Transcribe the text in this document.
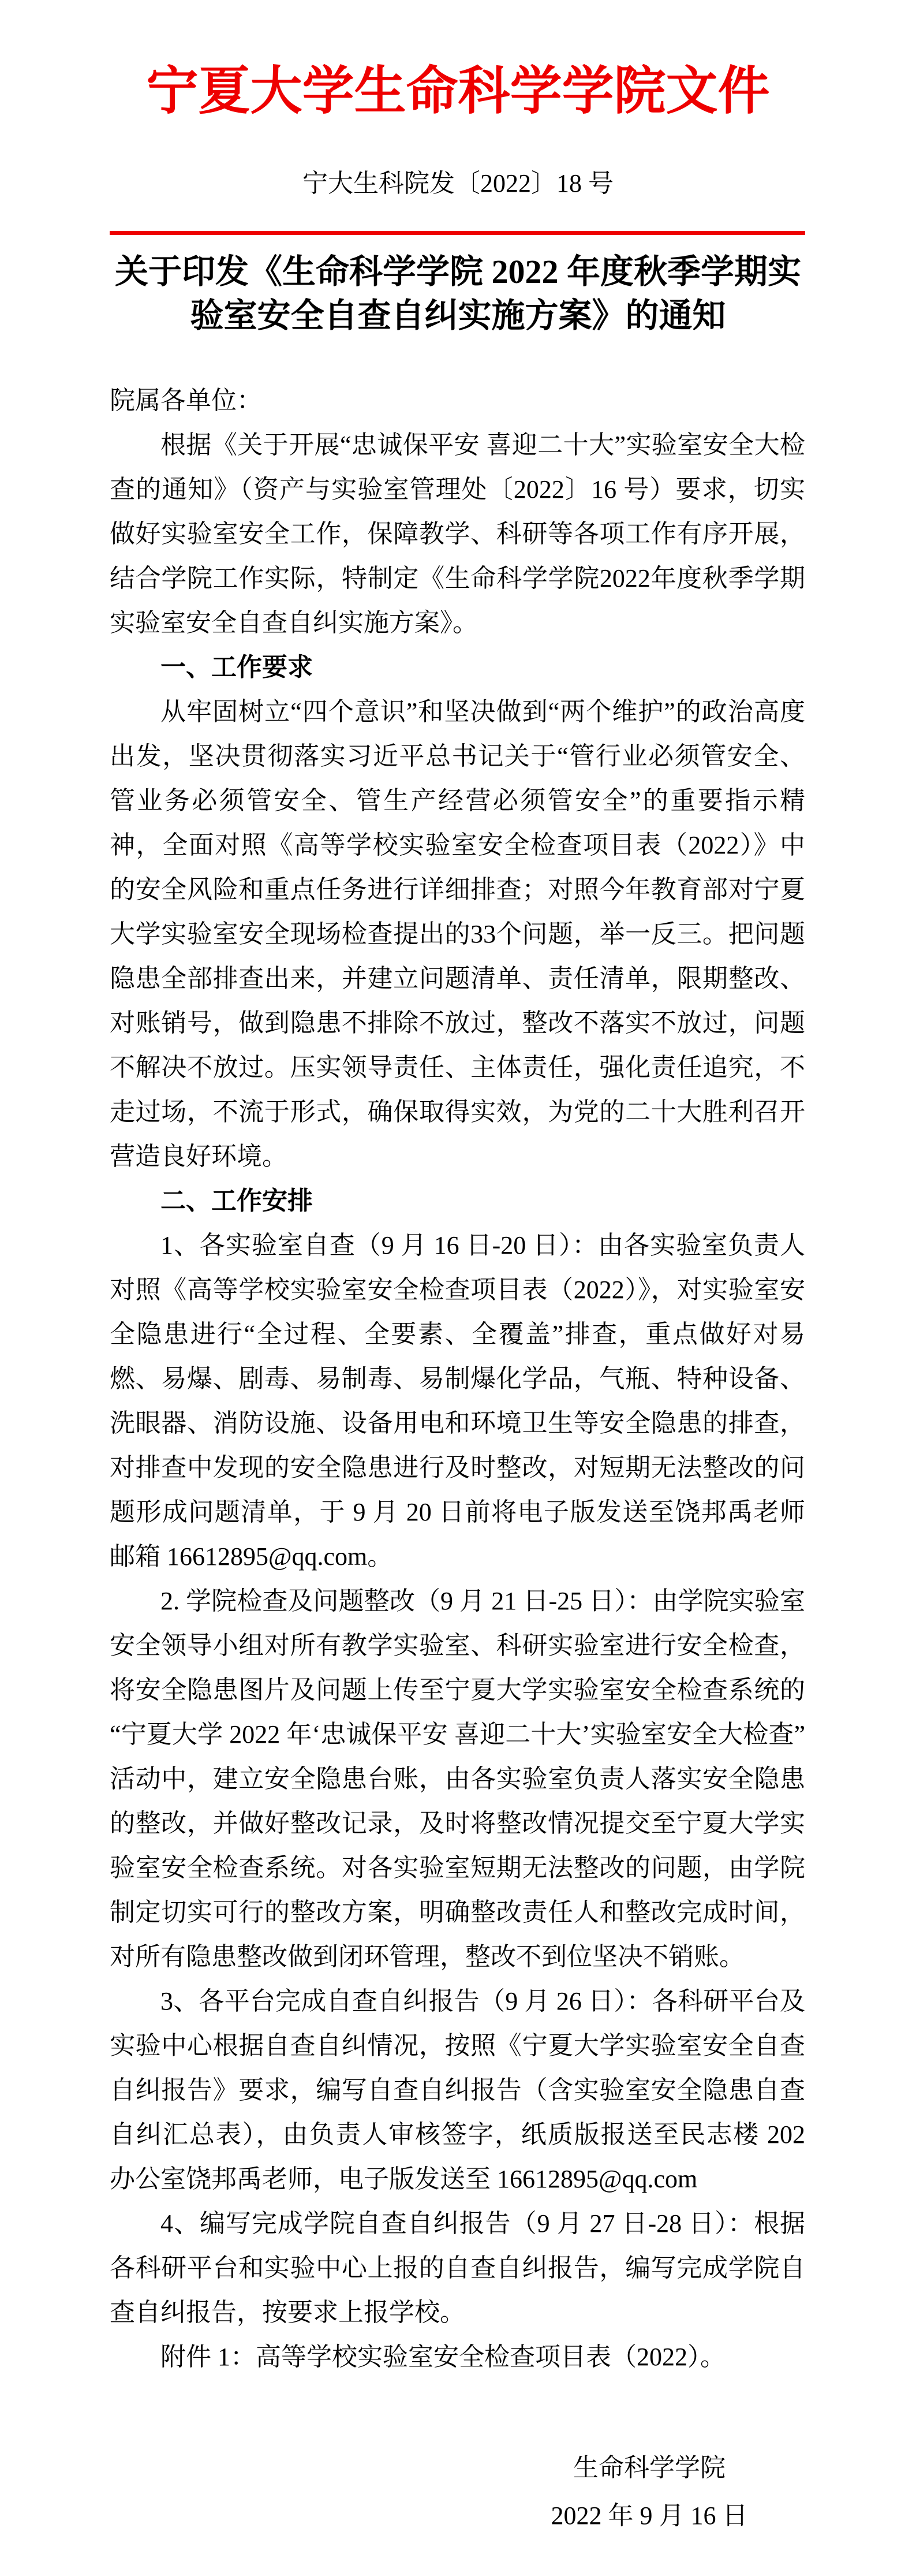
宁夏大学生命科学学院文件
宁大生科院发〔2022〕18 号
关于印发《生命科学学院 2022 年度秋季学期实
验室安全自查自纠实施方案》的通知

院属各单位：

根据《关于开展“忠诚保平安 喜迎二十大”实验室安全大检查的通知》（资产与实验室管理处〔2022〕16 号）要求，切实做好实验室安全工作，保障教学、科研等各项工作有序开展，结合学院工作实际，特制定《生命科学学院2022年度秋季学期实验室安全自查自纠实施方案》。

一、工作要求

从牢固树立“四个意识”和坚决做到“两个维护”的政治高度出发，坚决贯彻落实习近平总书记关于“管行业必须管安全、管业务必须管安全、管生产经营必须管安全”的重要指示精神，全面对照《高等学校实验室安全检查项目表（2022）》中的安全风险和重点任务进行详细排查；对照今年教育部对宁夏大学实验室安全现场检查提出的33个问题，举一反三。把问题隐患全部排查出来，并建立问题清单、责任清单，限期整改、对账销号，做到隐患不排除不放过，整改不落实不放过，问题不解决不放过。压实领导责任、主体责任，强化责任追究，不走过场，不流于形式，确保取得实效，为党的二十大胜利召开营造良好环境。

二、工作安排

1、各实验室自查（9 月 16 日-20 日）：由各实验室负责人对照《高等学校实验室安全检查项目表（2022）》，对实验室安全隐患进行“全过程、全要素、全覆盖”排查，重点做好对易燃、易爆、剧毒、易制毒、易制爆化学品，气瓶、特种设备、洗眼器、消防设施、设备用电和环境卫生等安全隐患的排查，对排查中发现的安全隐患进行及时整改，对短期无法整改的问题形成问题清单，于 9 月 20 日前将电子版发送至饶邦禹老师邮箱 16612895@qq.com。

2. 学院检查及问题整改（9 月 21 日-25 日）：由学院实验室安全领导小组对所有教学实验室、科研实验室进行安全检查，将安全隐患图片及问题上传至宁夏大学实验室安全检查系统的“宁夏大学 2022 年‘忠诚保平安 喜迎二十大’实验室安全大检查”活动中，建立安全隐患台账，由各实验室负责人落实安全隐患的整改，并做好整改记录，及时将整改情况提交至宁夏大学实验室安全检查系统。对各实验室短期无法整改的问题，由学院制定切实可行的整改方案，明确整改责任人和整改完成时间，对所有隐患整改做到闭环管理，整改不到位坚决不销账。

3、各平台完成自查自纠报告（9 月 26 日）：各科研平台及实验中心根据自查自纠情况，按照《宁夏大学实验室安全自查自纠报告》要求，编写自查自纠报告（含实验室安全隐患自查自纠汇总表），由负责人审核签字，纸质版报送至民志楼 202 办公室饶邦禹老师，电子版发送至 16612895@qq.com

4、编写完成学院自查自纠报告（9 月 27 日-28 日）：根据各科研平台和实验中心上报的自查自纠报告，编写完成学院自查自纠报告，按要求上报学校。

附件 1：高等学校实验室安全检查项目表（2022）。

生命科学学院
2022 年 9 月 16 日
